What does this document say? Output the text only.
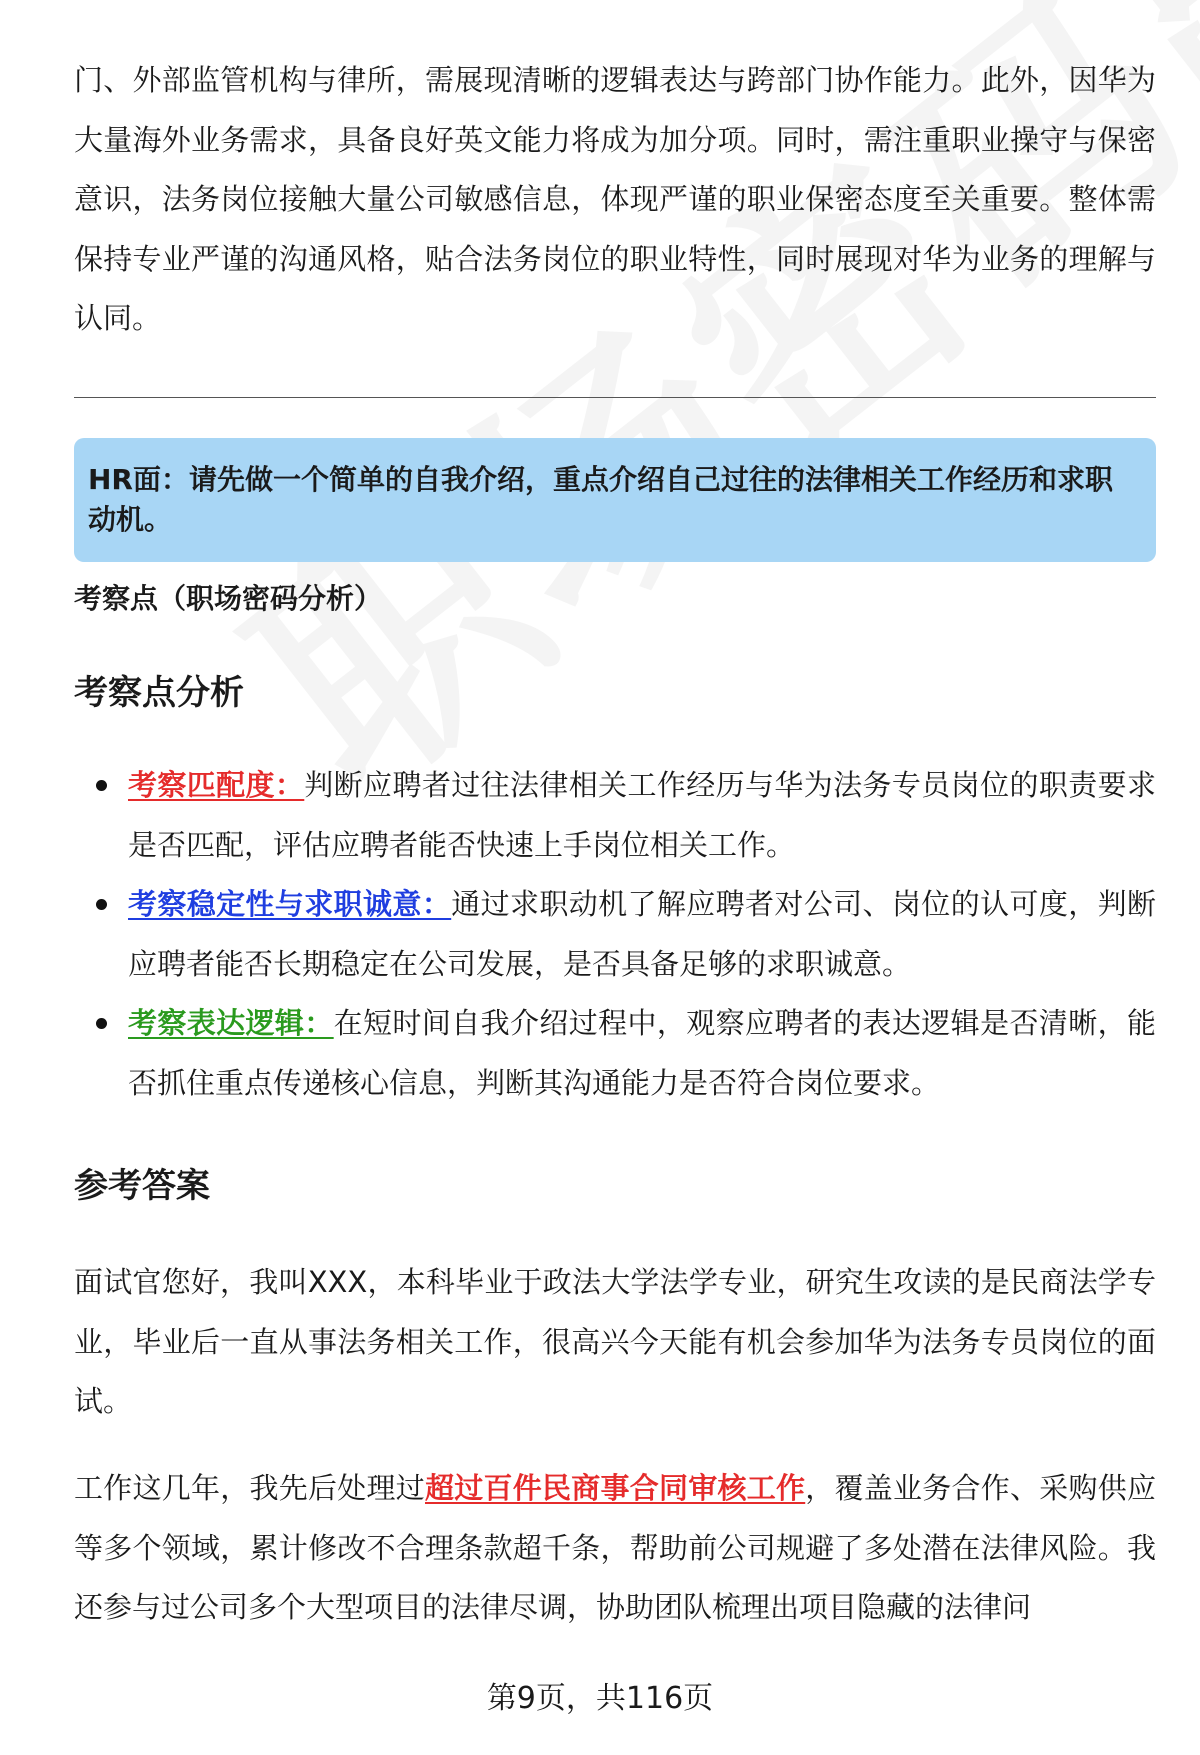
门、外部监管机构与律所，需展现清晰的逻辑表达与跨部门协作能力。此外，因华为大量海外业务需求，具备良好英文能力将成为加分项。同时，需注重职业操守与保密意识，法务岗位接触大量公司敏感信息，体现严谨的职业保密态度至关重要。整体需保持专业严谨的沟通风格，贴合法务岗位的职业特性，同时展现对华为业务的理解与认同。

HR面：请先做一个简单的自我介绍，重点介绍自己过往的法律相关工作经历和求职动机。

考察点（职场密码分析）
考察点分析
考察匹配度：判断应聘者过往法律相关工作经历与华为法务专员岗位的职责要求是否匹配，评估应聘者能否快速上手岗位相关工作。
考察稳定性与求职诚意：通过求职动机了解应聘者对公司、岗位的认可度，判断应聘者能否长期稳定在公司发展，是否具备足够的求职诚意。
考察表达逻辑：在短时间自我介绍过程中，观察应聘者的表达逻辑是否清晰，能否抓住重点传递核心信息，判断其沟通能力是否符合岗位要求。
参考答案

面试官您好，我叫XXX，本科毕业于政法大学法学专业，研究生攻读的是民商法学专业，毕业后一直从事法务相关工作，很高兴今天能有机会参加华为法务专员岗位的面试。

工作这几年，我先后处理过超过百件民商事合同审核工作，覆盖业务合作、采购供应等多个领域，累计修改不合理条款超千条，帮助前公司规避了多处潜在法律风险。我还参与过公司多个大型项目的法律尽调，协助团队梳理出项目隐藏的法律问

第9页，共116页
